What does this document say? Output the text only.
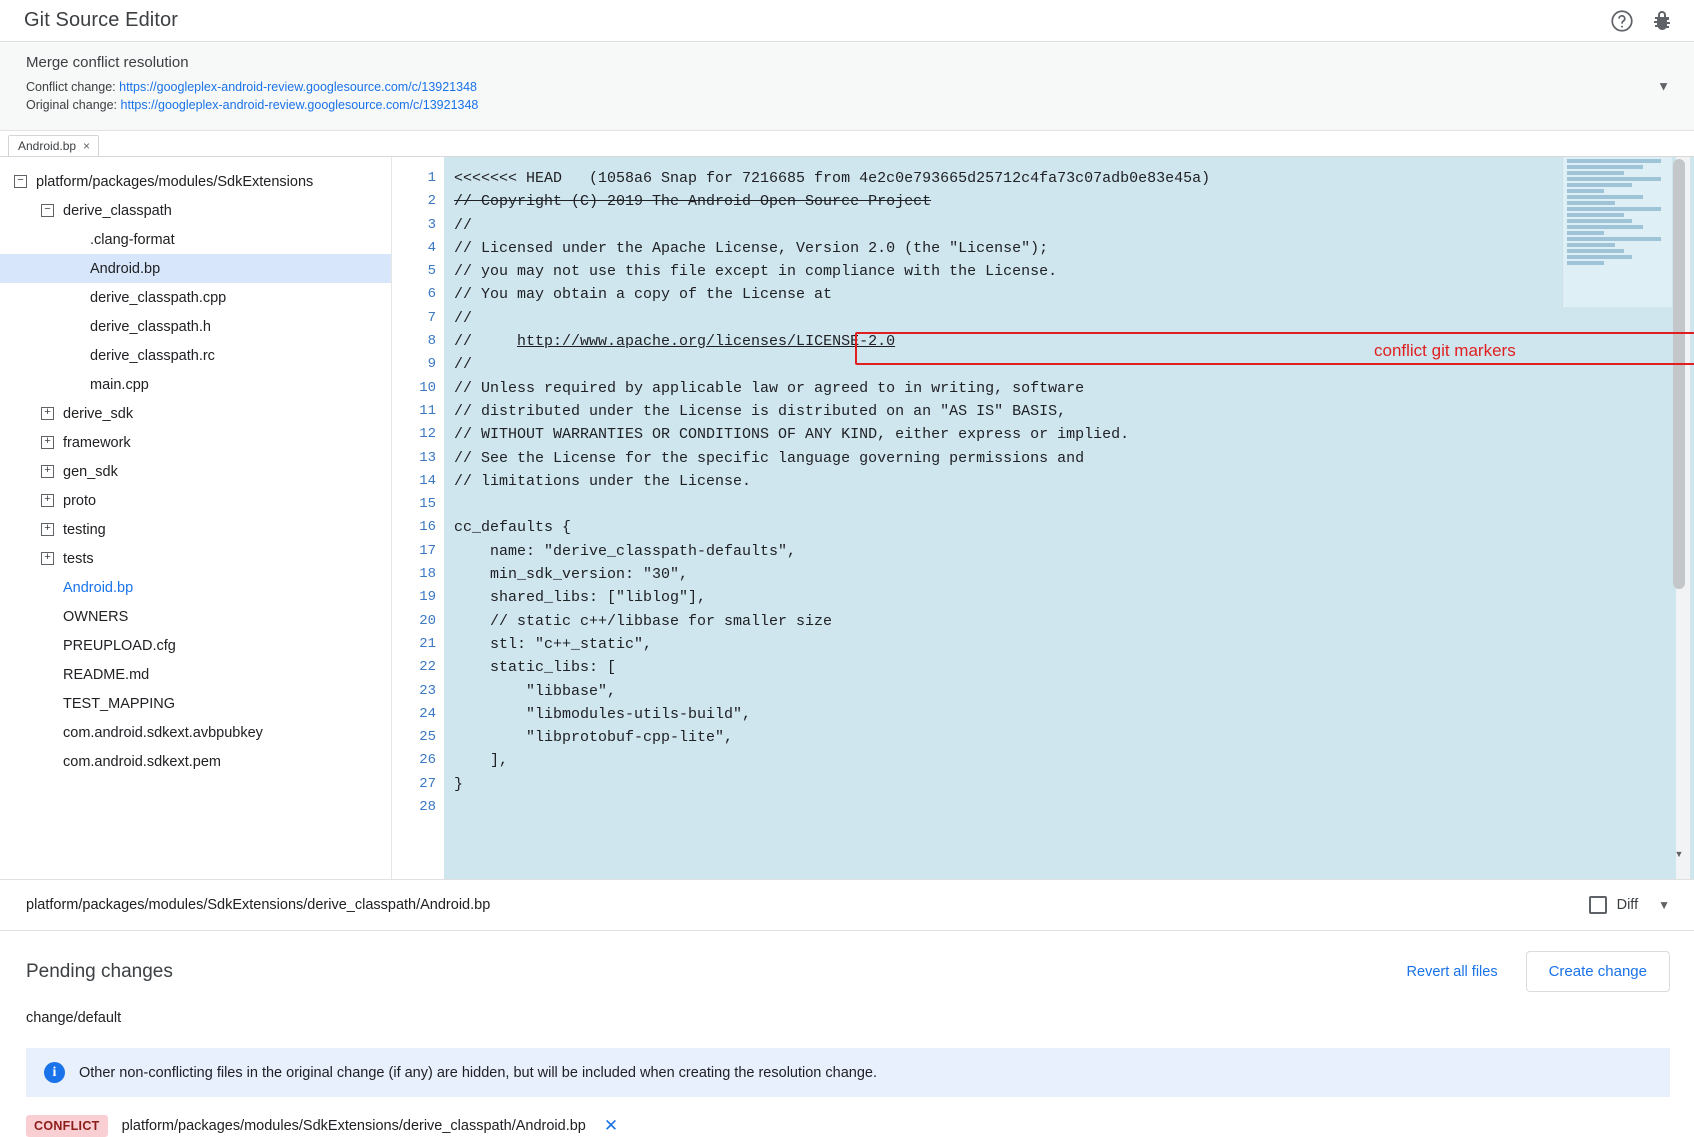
Git Source Editor
Merge conflict resolution
Conflict change: https://googleplex-android-review.googlesource.com/c/13921348
Original change: https://googleplex-android-review.googlesource.com/c/13921348
▼
Android.bp ×
− platform/packages/modules/SdkExtensions
− derive_classpath
.clang-format
Android.bp
derive_classpath.cpp
derive_classpath.h
derive_classpath.rc
main.cpp
+ derive_sdk
+ framework
+ gen_sdk
+ proto
+ testing
+ tests
Android.bp
OWNERS
PREUPLOAD.cfg
README.md
TEST_MAPPING
com.android.sdkext.avbpubkey
com.android.sdkext.pem
1
2
3
4
5
6
7
8
9
10
11
12
13
14
15
16
17
18
19
20
21
22
23
24
25
26
27
28
<<<<<<< HEAD   (1058a6 Snap for 7216685 from 4e2c0e793665d25712c4fa73c07adb0e83e45a)
// Copyright (C) 2019 The Android Open Source Project
//
// Licensed under the Apache License, Version 2.0 (the "License");
// you may not use this file except in compliance with the License.
// You may obtain a copy of the License at
//
//     http://www.apache.org/licenses/LICENSE-2.0
//
// Unless required by applicable law or agreed to in writing, software
// distributed under the License is distributed on an "AS IS" BASIS,
// WITHOUT WARRANTIES OR CONDITIONS OF ANY KIND, either express or implied.
// See the License for the specific language governing permissions and
// limitations under the License.
cc_defaults {
name: "derive_classpath-defaults",
min_sdk_version: "30",
shared_libs: ["liblog"],
// static c++/libbase for smaller size
stl: "c++_static",
static_libs: [
"libbase",
"libmodules-utils-build",
"libprotobuf-cpp-lite",
],
}
▼
conflict git markers
platform/packages/modules/SdkExtensions/derive_classpath/Android.bp	Diff ▼
Pending changes	Revert all files	Create change
change/default
i	Other non-conflicting files in the original change (if any) are hidden, but will be included when creating the resolution change.
CONFLICT	platform/packages/modules/SdkExtensions/derive_classpath/Android.bp ✕
